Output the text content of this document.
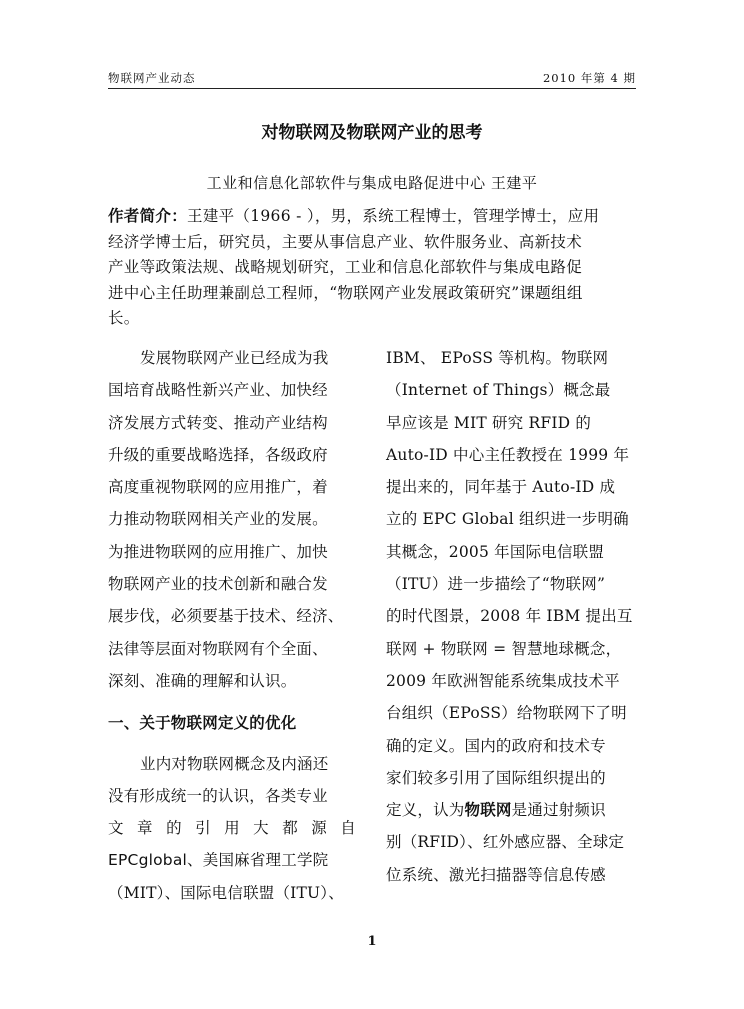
物联网产业动态	2010 年第 4 期
对物联网及物联网产业的思考
工业和信息化部软件与集成电路促进中心 王建平
作者简介：王建平（1966 - ），男，系统工程博士，管理学博士，应用
经济学博士后，研究员，主要从事信息产业、软件服务业、高新技术
产业等政策法规、战略规划研究，工业和信息化部软件与集成电路促
进中心主任助理兼副总工程师，“物联网产业发展政策研究”课题组组
长。
发展物联网产业已经成为我
国培育战略性新兴产业、加快经
济发展方式转变、推动产业结构
升级的重要战略选择，各级政府
高度重视物联网的应用推广，着
力推动物联网相关产业的发展。
为推进物联网的应用推广、加快
物联网产业的技术创新和融合发
展步伐，必须要基于技术、经济、
法律等层面对物联网有个全面、
深刻、准确的理解和认识。
一、关于物联网定义的优化
业内对物联网概念及内涵还
没有形成统一的认识，各类专业
文 章 的 引 用 大 都 源 自
EPCglobal、美国麻省理工学院
（MIT）、国际电信联盟（ITU）、
IBM、 EPoSS 等机构。物联网
（Internet of Things）概念最
早应该是 MIT 研究 RFID 的
Auto-ID 中心主任教授在 1999 年
提出来的，同年基于 Auto-ID 成
立的 EPC Global 组织进一步明确
其概念，2005 年国际电信联盟
（ITU）进一步描绘了“物联网”
的时代图景，2008 年 IBM 提出互
联网 + 物联网 = 智慧地球概念，
2009 年欧洲智能系统集成技术平
台组织（EPoSS）给物联网下了明
确的定义。国内的政府和技术专
家们较多引用了国际组织提出的
定义，认为物联网是通过射频识
别（RFID）、红外感应器、全球定
位系统、激光扫描器等信息传感
1
